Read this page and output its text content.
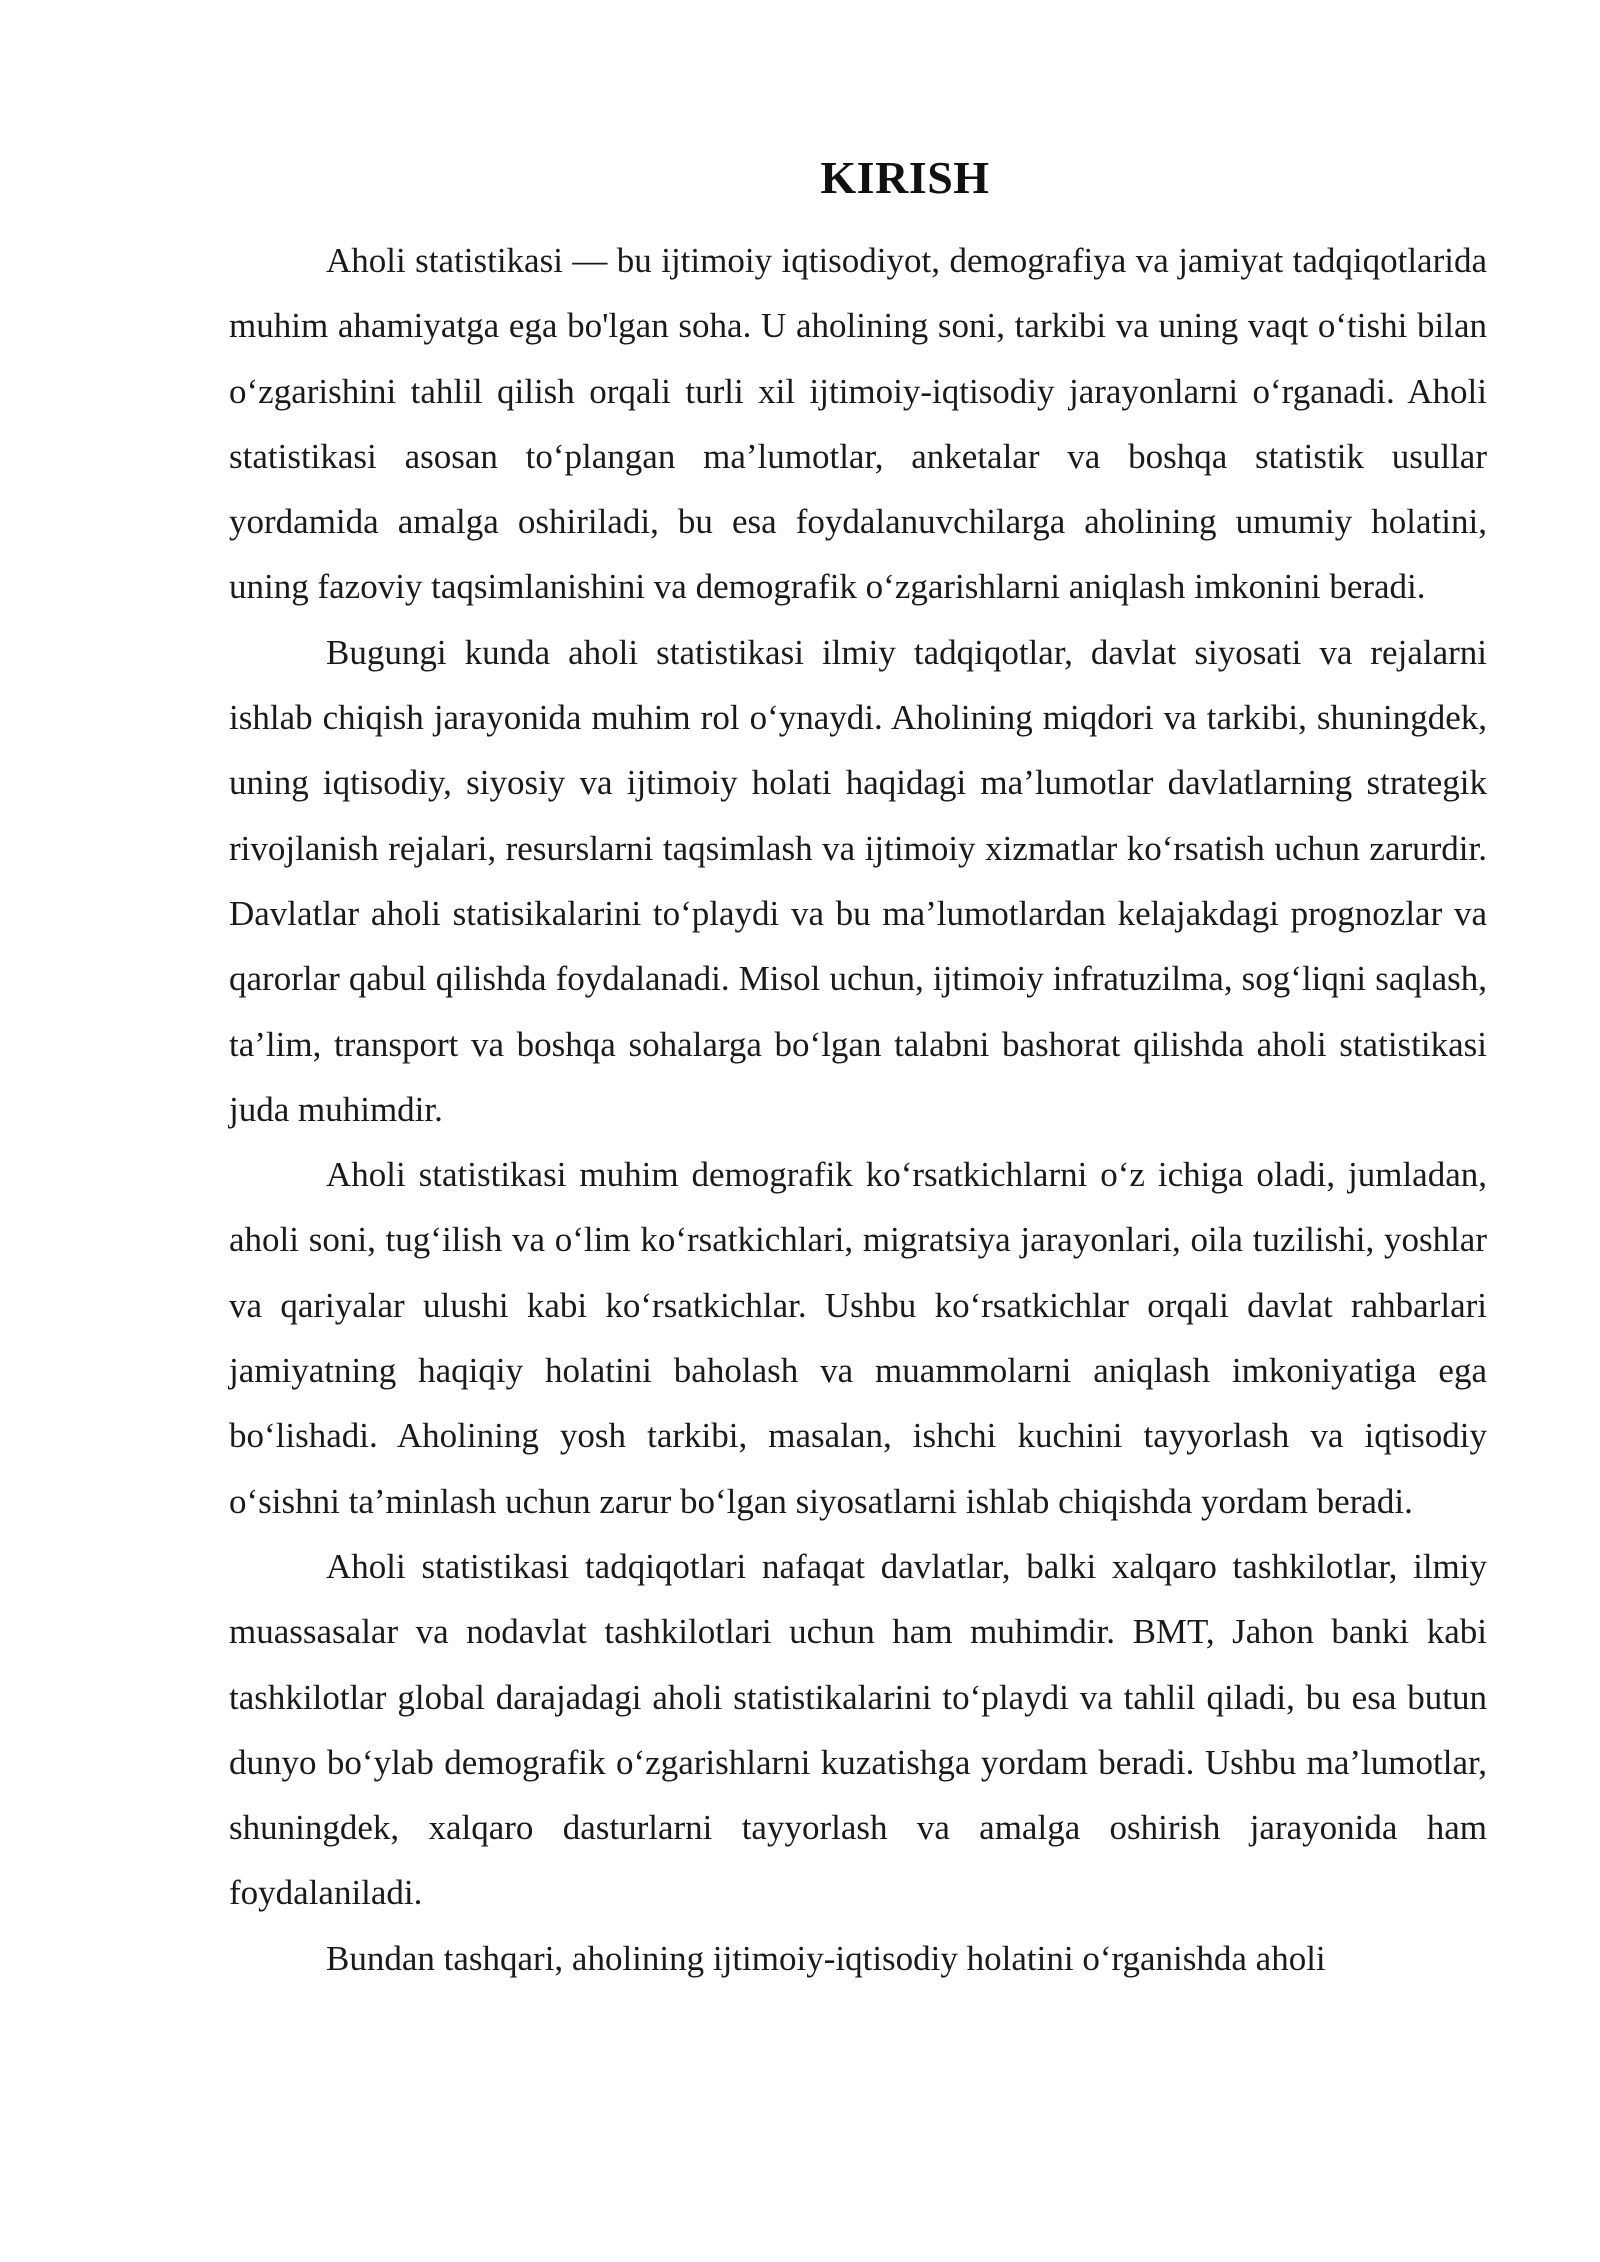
KIRISH

Aholi statistikasi — bu ijtimoiy iqtisodiyot, demografiya va jamiyat tadqiqotlarida muhim ahamiyatga ega bo'lgan soha. U aholining soni, tarkibi va uning vaqt o‘tishi bilan o‘zgarishini tahlil qilish orqali turli xil ijtimoiy-iqtisodiy jarayonlarni o‘rganadi. Aholi statistikasi asosan to‘plangan ma’lumotlar, anketalar va boshqa statistik usullar yordamida amalga oshiriladi, bu esa foydalanuvchilarga aholining umumiy holatini, uning fazoviy taqsimlanishini va demografik o‘zgarishlarni aniqlash imkonini beradi.

Bugungi kunda aholi statistikasi ilmiy tadqiqotlar, davlat siyosati va rejalarni ishlab chiqish jarayonida muhim rol o‘ynaydi. Aholining miqdori va tarkibi, shuningdek, uning iqtisodiy, siyosiy va ijtimoiy holati haqidagi ma’lumotlar davlatlarning strategik rivojlanish rejalari, resurslarni taqsimlash va ijtimoiy xizmatlar ko‘rsatish uchun zarurdir. Davlatlar aholi statisikalarini to‘playdi va bu ma’lumotlardan kelajakdagi prognozlar va qarorlar qabul qilishda foydalanadi. Misol uchun, ijtimoiy infratuzilma, sog‘liqni saqlash, ta’lim, transport va boshqa sohalarga bo‘lgan talabni bashorat qilishda aholi statistikasi juda muhimdir.

Aholi statistikasi muhim demografik ko‘rsatkichlarni o‘z ichiga oladi, jumladan, aholi soni, tug‘ilish va o‘lim ko‘rsatkichlari, migratsiya jarayonlari, oila tuzilishi, yoshlar va qariyalar ulushi kabi ko‘rsatkichlar. Ushbu ko‘rsatkichlar orqali davlat rahbarlari jamiyatning haqiqiy holatini baholash va muammolarni aniqlash imkoniyatiga ega bo‘lishadi. Aholining yosh tarkibi, masalan, ishchi kuchini tayyorlash va iqtisodiy o‘sishni ta’minlash uchun zarur bo‘lgan siyosatlarni ishlab chiqishda yordam beradi.

Aholi statistikasi tadqiqotlari nafaqat davlatlar, balki xalqaro tashkilotlar, ilmiy muassasalar va nodavlat tashkilotlari uchun ham muhimdir. BMT, Jahon banki kabi tashkilotlar global darajadagi aholi statistikalarini to‘playdi va tahlil qiladi, bu esa butun dunyo bo‘ylab demografik o‘zgarishlarni kuzatishga yordam beradi. Ushbu ma’lumotlar, shuningdek, xalqaro dasturlarni tayyorlash va amalga oshirish jarayonida ham foydalaniladi.

Bundan tashqari, aholining ijtimoiy-iqtisodiy holatini o‘rganishda aholi
